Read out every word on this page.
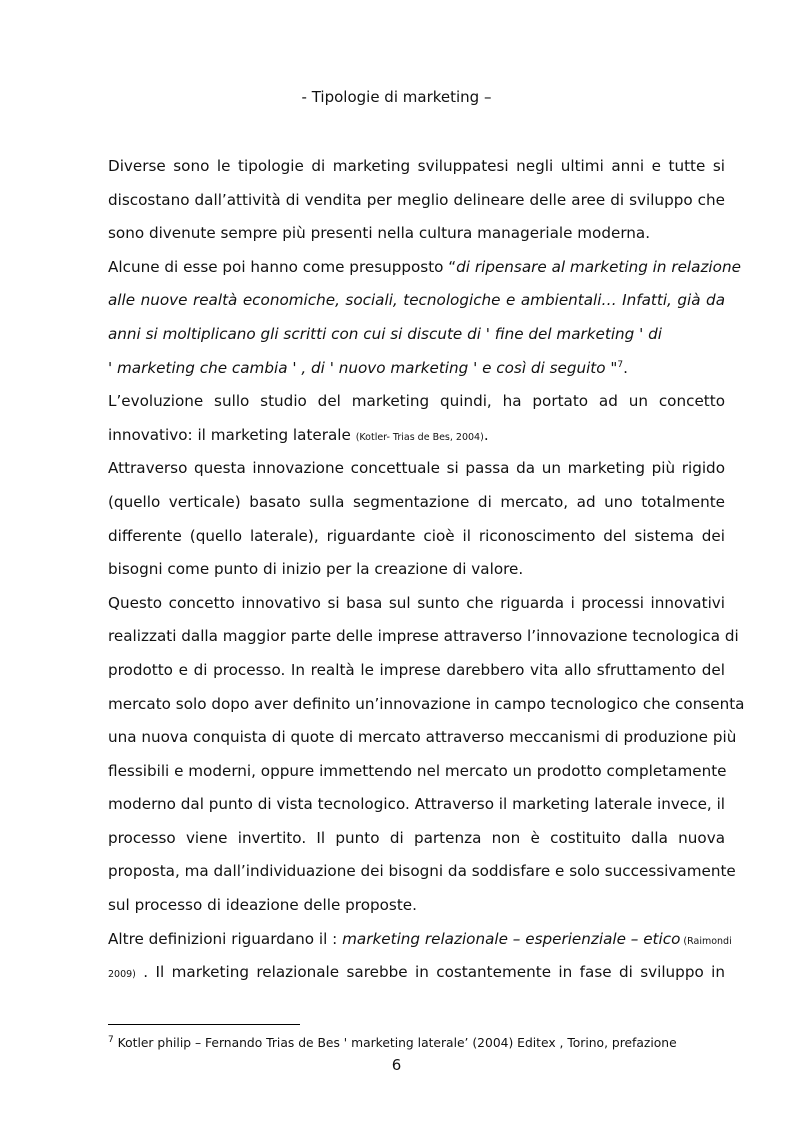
- Tipologie di marketing –
Diverse sono le tipologie di marketing sviluppatesi negli ultimi anni e tutte si
discostano dall’attività di vendita per meglio delineare delle aree di sviluppo che
sono divenute sempre più presenti nella cultura manageriale moderna.
Alcune di esse poi hanno come presupposto “di ripensare al marketing in relazione
alle nuove realtà economiche, sociali, tecnologiche e ambientali… Infatti, già da
anni si moltiplicano gli scritti con cui si discute di ' fine del marketing ' di
' marketing che cambia ' , di ' nuovo marketing ' e così di seguito "$^7$.
L’evoluzione sullo studio del marketing quindi, ha portato ad un concetto
innovativo: il marketing laterale (Kotler- Trias de Bes, 2004).
Attraverso questa innovazione concettuale si passa da un marketing più rigido
(quello verticale) basato sulla segmentazione di mercato, ad uno totalmente
differente (quello laterale), riguardante cioè il riconoscimento del sistema dei
bisogni come punto di inizio per la creazione di valore.
Questo concetto innovativo si basa sul sunto che riguarda i processi innovativi
realizzati dalla maggior parte delle imprese attraverso l’innovazione tecnologica di
prodotto e di processo. In realtà le imprese darebbero vita allo sfruttamento del
mercato solo dopo aver definito un’innovazione in campo tecnologico che consenta
una nuova conquista di quote di mercato attraverso meccanismi di produzione più
flessibili e moderni, oppure immettendo nel mercato un prodotto completamente
moderno dal punto di vista tecnologico. Attraverso il marketing laterale invece, il
processo viene invertito. Il punto di partenza non è costituito dalla nuova
proposta, ma dall’individuazione dei bisogni da soddisfare e solo successivamente
sul processo di ideazione delle proposte.
Altre definizioni riguardano il : marketing relazionale – esperienziale – etico (Raimondi
2009) . Il marketing relazionale sarebbe in costantemente in fase di sviluppo in
$^7$ Kotler philip – Fernando Trias de Bes ' marketing laterale’ (2004) Editex , Torino, prefazione
6
